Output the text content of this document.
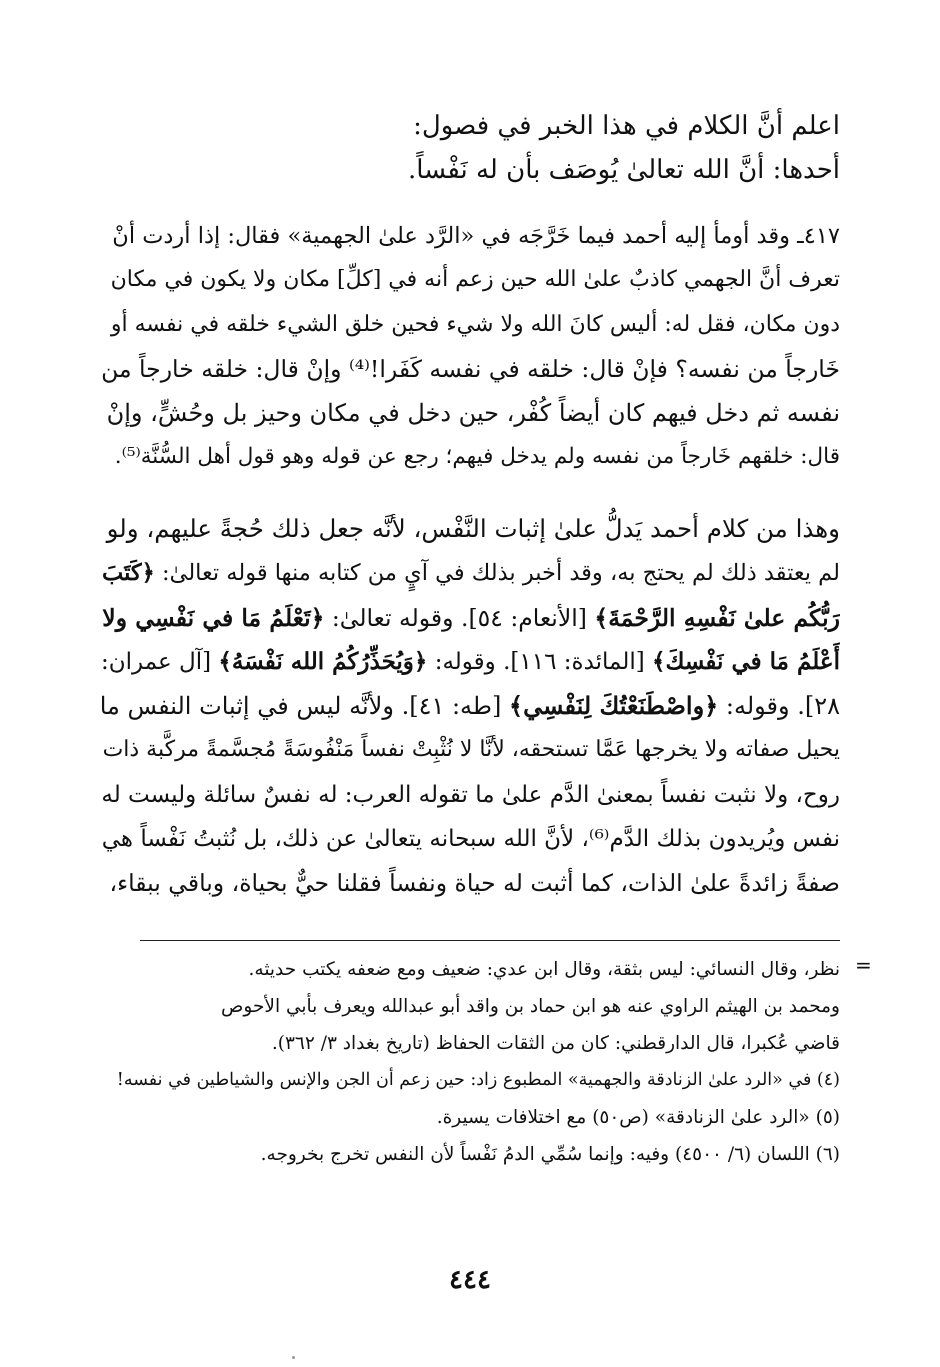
اعلم أنَّ الكلام في هذا الخبر في فصول:
أحدها: أنَّ الله تعالىٰ يُوصَف بأن له نَفْساً.
٤١٧ـ وقد أومأ إليه أحمد فيما خَرَّجَه في «الرَّد علىٰ الجهمية» فقال: إذا أردت أنْ
تعرف أنَّ الجهمي كاذبٌ علىٰ الله حين زعم أنه في [كلِّ] مكان ولا يكون في مكان
دون مكان، فقل له: أليس كانَ الله ولا شيء فحين خلق الشيء خلقه في نفسه أو
خَارجاً من نفسه؟ فإنْ قال: خلقه في نفسه كَفَرا!⁽⁴⁾ وإنْ قال: خلقه خارجاً من
نفسه ثم دخل فيهم كان أيضاً كُفْر، حين دخل في مكان وحيز بل وحُشٍّ، وإنْ
قال: خلقهم خَارجاً من نفسه ولم يدخل فيهم؛ رجع عن قوله وهو قول أهل السُّنَّة⁽⁵⁾.
وهذا من كلام أحمد يَدلُّ علىٰ إثبات النَّفْس، لأنَّه جعل ذلك حُجةً عليهم، ولو
لم يعتقد ذلك لم يحتج به، وقد أخبر بذلك في آيٍ من كتابه منها قوله تعالىٰ: ﴿كَتَبَ
رَبُّكُم علىٰ نَفْسِهِ الرَّحْمَةَ﴾ [الأنعام: ٥٤]. وقوله تعالىٰ: ﴿تَعْلَمُ مَا في نَفْسِي ولا
أَعْلَمُ مَا في نَفْسِكَ﴾ [المائدة: ١١٦]. وقوله: ﴿وَيُحَذِّرُكُمُ الله نَفْسَهُ﴾ [آل عمران:
٢٨]. وقوله: ﴿واصْطَنَعْتُكَ لِنَفْسِي﴾ [طه: ٤١]. ولأنَّه ليس في إثبات النفس ما
يحيل صفاته ولا يخرجها عَمَّا تستحقه، لأنَّا لا نُثْبِتْ نفساً مَنْفُوسَةً مُجسَّمةً مركَّبة ذات
روح، ولا نثبت نفساً بمعنىٰ الدَّم علىٰ ما تقوله العرب: له نفسٌ سائلة وليست له
نفس ويُريدون بذلك الدَّم⁽⁶⁾، لأنَّ الله سبحانه يتعالىٰ عن ذلك، بل نُثبتُ نَفْساً هي
صفةً زائدةً علىٰ الذات، كما أثبت له حياة ونفساً فقلنا حيٌّ بحياة، وباقي ببقاء،
=
نظر، وقال النسائي: ليس بثقة، وقال ابن عدي: ضعيف ومع ضعفه يكتب حديثه.
ومحمد بن الهيثم الراوي عنه هو ابن حماد بن واقد أبو عبدالله ويعرف بأبي الأحوص
قاضي عُكبرا، قال الدارقطني: كان من الثقات الحفاظ (تاريخ بغداد ٣/ ٣٦٢).
(٤) في «الرد علىٰ الزنادقة والجهمية» المطبوع زاد: حين زعم أن الجن والإنس والشياطين في نفسه!
(٥) «الرد علىٰ الزنادقة» (ص٥٠) مع اختلافات يسيرة.
(٦) اللسان (٦/ ٤٥٠٠) وفيه: وإنما سُمِّي الدمُ نَفْساً لأن النفس تخرج بخروجه.
٤٤٤
